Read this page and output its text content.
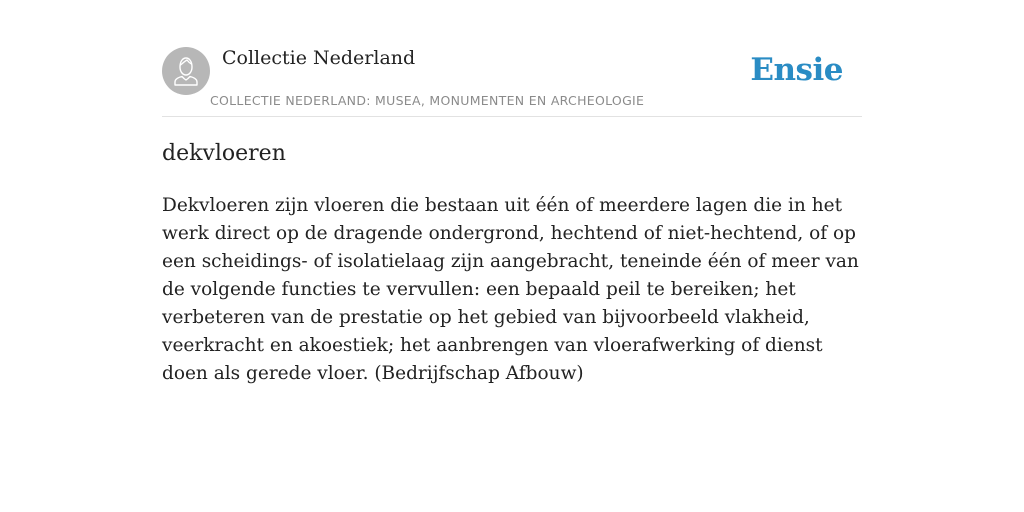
Collectie Nederland
COLLECTIE NEDERLAND: MUSEA, MONUMENTEN EN ARCHEOLOGIE
Ensie
dekvloeren

Dekvloeren zijn vloeren die bestaan uit één of meerdere lagen die in het werk direct op de dragende ondergrond, hechtend of niet-hechtend, of op een scheidings- of isolatielaag zijn aangebracht, teneinde één of meer van de volgende functies te vervullen: een bepaald peil te bereiken; het verbeteren van de prestatie op het gebied van bijvoorbeeld vlakheid, veerkracht en akoestiek; het aanbrengen van vloerafwerking of dienst doen als gerede vloer. (Bedrijfschap Afbouw)
